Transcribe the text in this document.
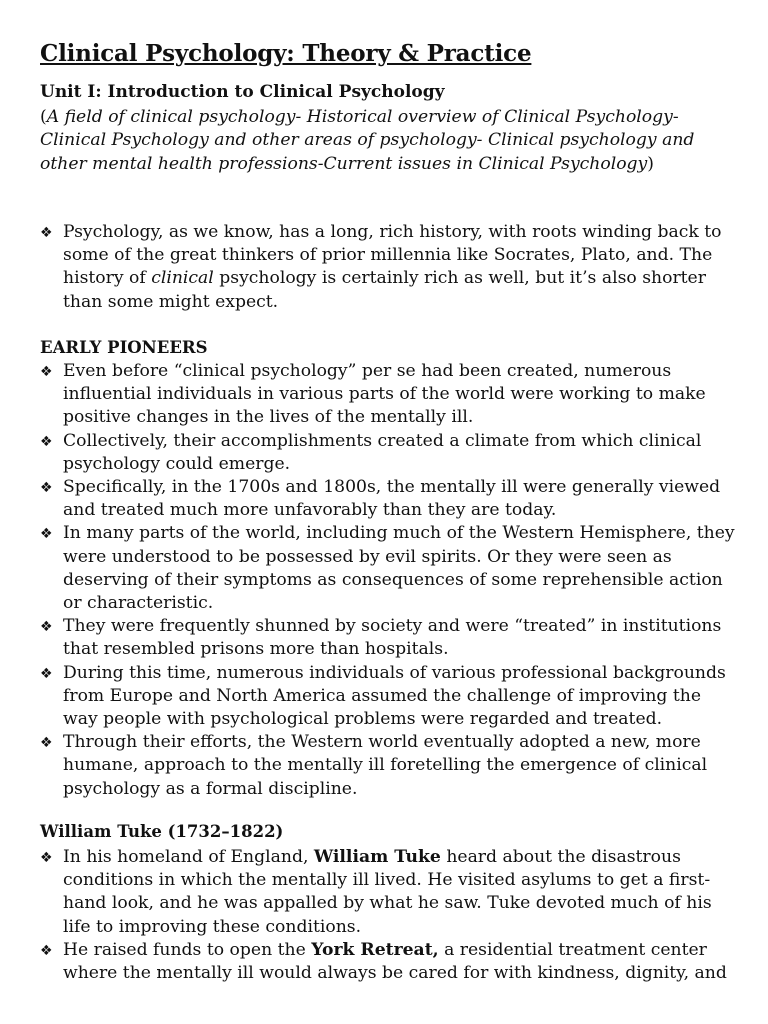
Clinical Psychology: Theory & Practice
Unit I: Introduction to Clinical Psychology

(A field of clinical psychology- Historical overview of Clinical Psychology- Clinical Psychology and other areas of psychology- Clinical psychology and other mental health professions-Current issues in Clinical Psychology)

❖ Psychology, as we know, has a long, rich history, with roots winding back to some of the great thinkers of prior millennia like Socrates, Plato, and. The history of clinical psychology is certainly rich as well, but it’s also shorter than some might expect.
EARLY PIONEERS
❖ Even before “clinical psychology” per se had been created, numerous influential individuals in various parts of the world were working to make positive changes in the lives of the mentally ill.
❖ Collectively, their accomplishments created a climate from which clinical psychology could emerge.
❖ Specifically, in the 1700s and 1800s, the mentally ill were generally viewed and treated much more unfavorably than they are today.
❖ In many parts of the world, including much of the Western Hemisphere, they were understood to be possessed by evil spirits. Or they were seen as deserving of their symptoms as consequences of some reprehensible action or characteristic.
❖ They were frequently shunned by society and were “treated” in institutions that resembled prisons more than hospitals.
❖ During this time, numerous individuals of various professional backgrounds from Europe and North America assumed the challenge of improving the way people with psychological problems were regarded and treated.
❖ Through their efforts, the Western world eventually adopted a new, more humane, approach to the mentally ill foretelling the emergence of clinical psychology as a formal discipline.
William Tuke (1732–1822)
❖ In his homeland of England, William Tuke heard about the disastrous conditions in which the mentally ill lived. He visited asylums to get a first-hand look, and he was appalled by what he saw. Tuke devoted much of his life to improving these conditions.
❖ He raised funds to open the York Retreat, a residential treatment center where the mentally ill would always be cared for with kindness, dignity, and
